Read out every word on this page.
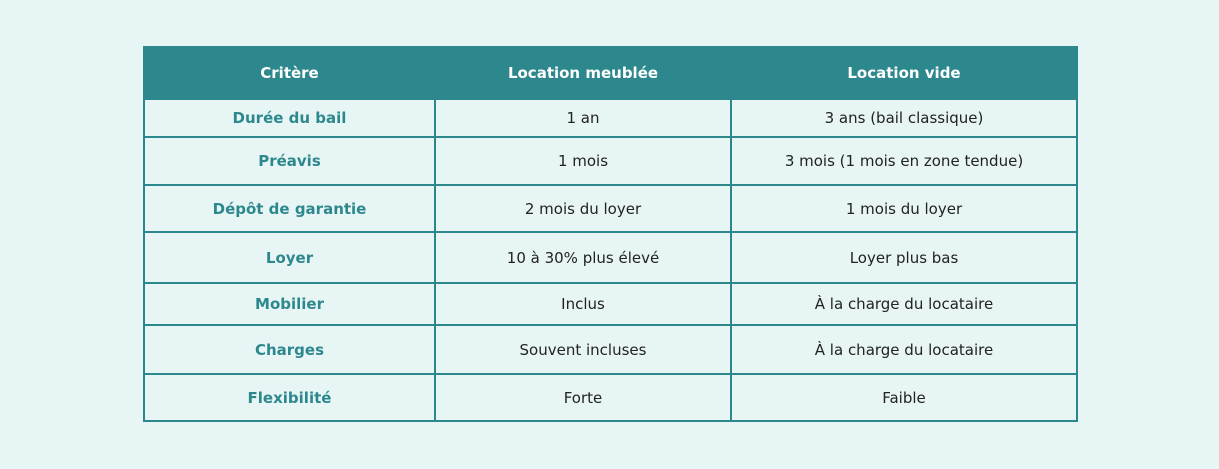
Critère	Location meublée	Location vide
Durée du bail	1 an	3 ans (bail classique)
Préavis	1 mois	3 mois (1 mois en zone tendue)
Dépôt de garantie	2 mois du loyer	1 mois du loyer
Loyer	10 à 30% plus élevé	Loyer plus bas
Mobilier	Inclus	À la charge du locataire
Charges	Souvent incluses	À la charge du locataire
Flexibilité	Forte	Faible
